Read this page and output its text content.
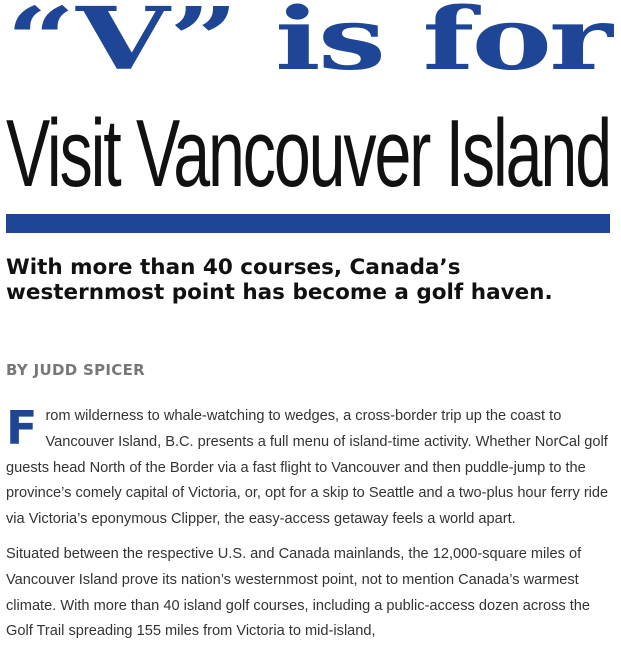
“V” is for
Visit Vancouver Island
With more than 40 courses, Canada’s westernmost point has become a golf haven.
BY JUDD SPICER

From wilderness to whale-watching to wedges, a cross-border trip up the coast to Vancouver Island, B.C. presents a full menu of island-time activity. Whether NorCal golf guests head North of the Border via a fast flight to Vancouver and then puddle-jump to the province’s comely capital of Victoria, or, opt for a skip to Seattle and a two-plus hour ferry ride via Victoria’s eponymous Clipper, the easy-access getaway feels a world apart.

Situated between the respective U.S. and Canada mainlands, the 12,000-square miles of Vancouver Island prove its nation’s westernmost point, not to mention Canada’s warmest climate. With more than 40 island golf courses, including a public-access dozen across the Golf Trail spreading 155 miles from Victoria to mid-island,
